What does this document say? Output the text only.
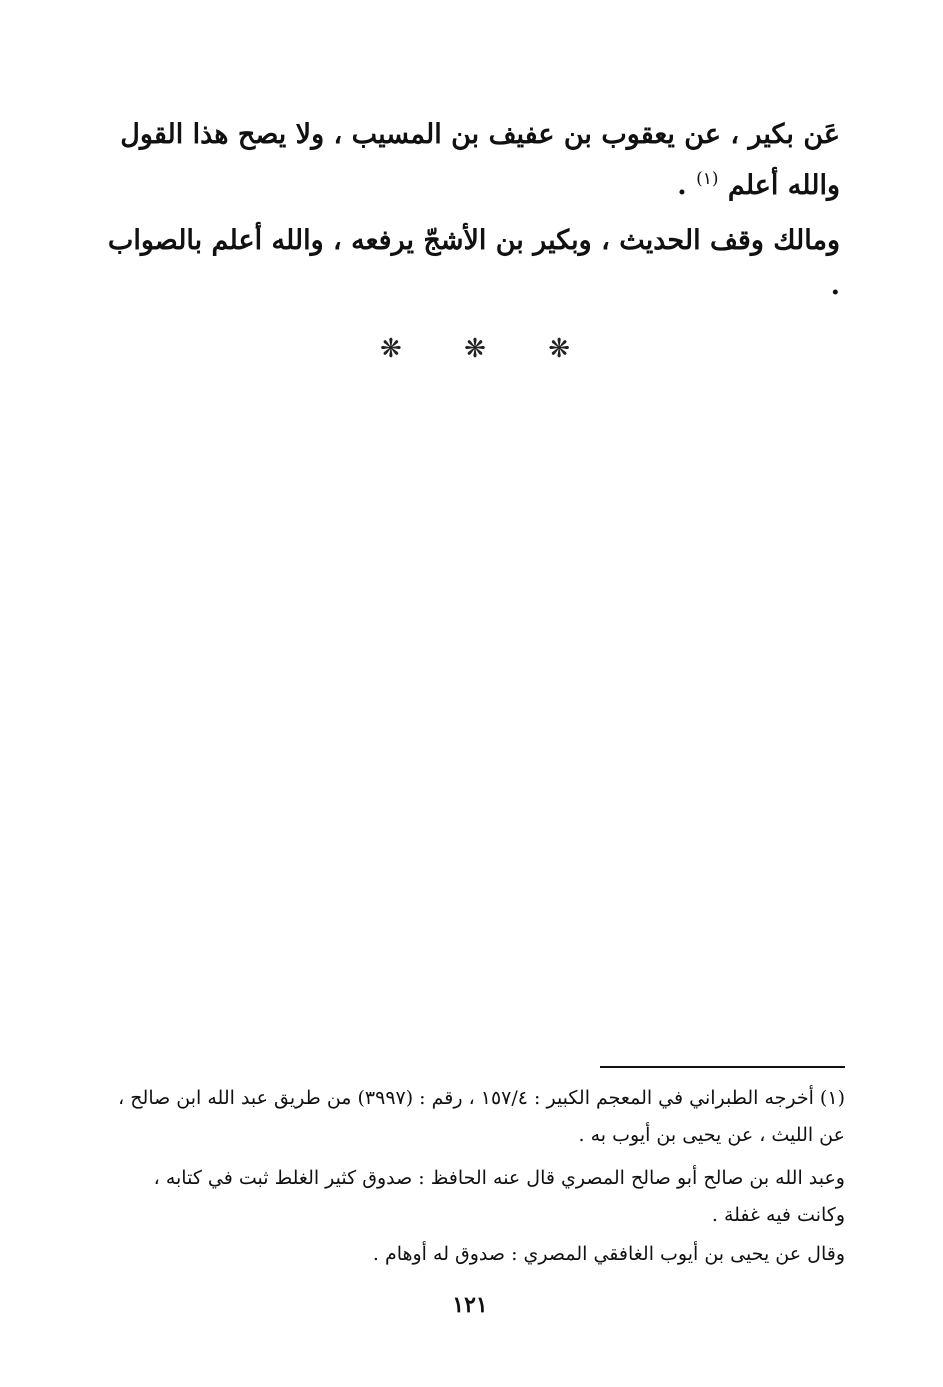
عَن بكير ، عن يعقوب بن عفيف بن المسيب ، ولا يصح هذا القول والله أعلم $^{(١)}$ .
ومالك وقف الحديث ، وبكير بن الأشجّ يرفعه ، والله أعلم بالصواب .
❋ ❋ ❋
(١) أخرجه الطبراني في المعجم الكبير : ١٥٧/٤ ، رقم : (٣٩٩٧) من طريق عبد الله ابن صالح ، عن الليث ، عن يحيى بن أيوب به .
وعبد الله بن صالح أبو صالح المصري قال عنه الحافظ : صدوق كثير الغلط ثبت في كتابه ، وكانت فيه غفلة .
وقال عن يحيى بن أيوب الغافقي المصري : صدوق له أوهام .
١٢١
